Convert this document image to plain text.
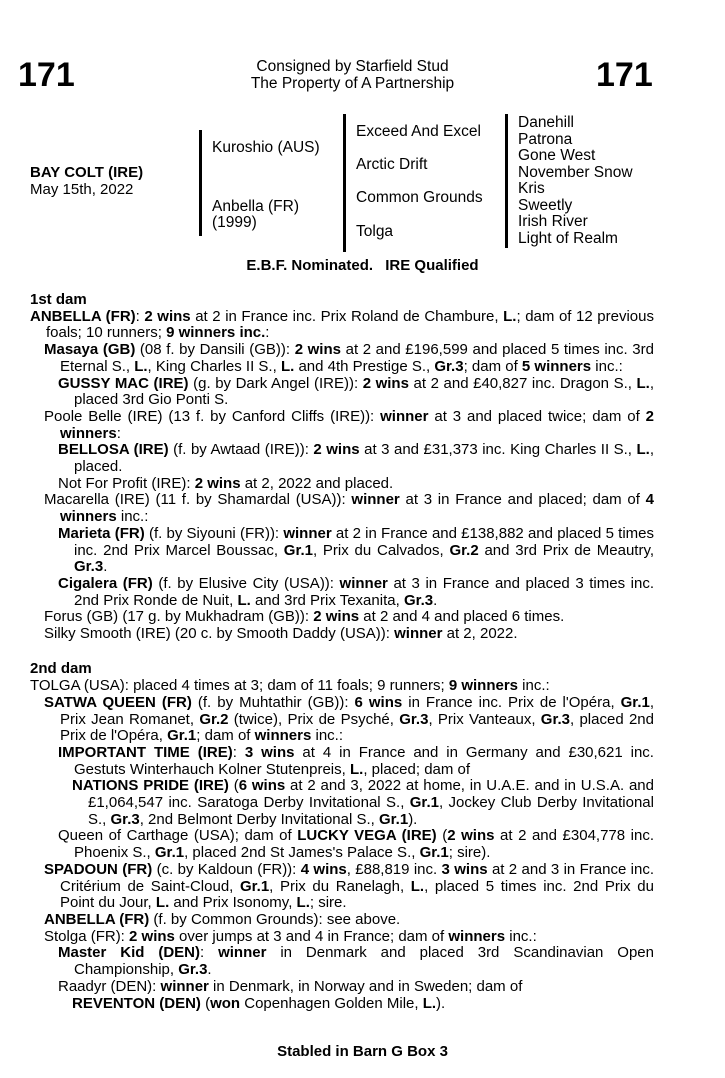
171	Consigned by Starfield Stud
The Property of A Partnership	171
BAY COLT (IRE)
May 15th, 2022
Kuroshio (AUS)
Anbella (FR)
(1999)
Exceed And Excel
Arctic Drift
Common Grounds
Tolga
Danehill
Patrona
Gone West
November Snow
Kris
Sweetly
Irish River
Light of Realm
E.B.F. Nominated. IRE Qualified

1st dam

ANBELLA (FR): 2 wins at 2 in France inc. Prix Roland de Chambure, L.; dam of 12 previous foals; 10 runners; 9 winners inc.:

Masaya (GB) (08 f. by Dansili (GB)): 2 wins at 2 and £196,599 and placed 5 times inc. 3rd Eternal S., L., King Charles II S., L. and 4th Prestige S., Gr.3; dam of 5 winners inc.:

GUSSY MAC (IRE) (g. by Dark Angel (IRE)): 2 wins at 2 and £40,827 inc. Dragon S., L., placed 3rd Gio Ponti S.

Poole Belle (IRE) (13 f. by Canford Cliffs (IRE)): winner at 3 and placed twice; dam of 2 winners:

BELLOSA (IRE) (f. by Awtaad (IRE)): 2 wins at 3 and £31,373 inc. King Charles II S., L., placed.

Not For Profit (IRE): 2 wins at 2, 2022 and placed.

Macarella (IRE) (11 f. by Shamardal (USA)): winner at 3 in France and placed; dam of 4 winners inc.:

Marieta (FR) (f. by Siyouni (FR)): winner at 2 in France and £138,882 and placed 5 times inc. 2nd Prix Marcel Boussac, Gr.1, Prix du Calvados, Gr.2 and 3rd Prix de Meautry, Gr.3.

Cigalera (FR) (f. by Elusive City (USA)): winner at 3 in France and placed 3 times inc. 2nd Prix Ronde de Nuit, L. and 3rd Prix Texanita, Gr.3.

Forus (GB) (17 g. by Mukhadram (GB)): 2 wins at 2 and 4 and placed 6 times.

Silky Smooth (IRE) (20 c. by Smooth Daddy (USA)): winner at 2, 2022.

2nd dam

TOLGA (USA): placed 4 times at 3; dam of 11 foals; 9 runners; 9 winners inc.:

SATWA QUEEN (FR) (f. by Muhtathir (GB)): 6 wins in France inc. Prix de l'Opéra, Gr.1, Prix Jean Romanet, Gr.2 (twice), Prix de Psyché, Gr.3, Prix Vanteaux, Gr.3, placed 2nd Prix de l'Opéra, Gr.1; dam of winners inc.:

IMPORTANT TIME (IRE): 3 wins at 4 in France and in Germany and £30,621 inc. Gestuts Winterhauch Kolner Stutenpreis, L., placed; dam of

NATIONS PRIDE (IRE) (6 wins at 2 and 3, 2022 at home, in U.A.E. and in U.S.A. and £1,064,547 inc. Saratoga Derby Invitational S., Gr.1, Jockey Club Derby Invitational S., Gr.3, 2nd Belmont Derby Invitational S., Gr.1).

Queen of Carthage (USA); dam of LUCKY VEGA (IRE) (2 wins at 2 and £304,778 inc. Phoenix S., Gr.1, placed 2nd St James's Palace S., Gr.1; sire).

SPADOUN (FR) (c. by Kaldoun (FR)): 4 wins, £88,819 inc. 3 wins at 2 and 3 in France inc. Critérium de Saint-Cloud, Gr.1, Prix du Ranelagh, L., placed 5 times inc. 2nd Prix du Point du Jour, L. and Prix Isonomy, L.; sire.

ANBELLA (FR) (f. by Common Grounds): see above.

Stolga (FR): 2 wins over jumps at 3 and 4 in France; dam of winners inc.:

Master Kid (DEN): winner in Denmark and placed 3rd Scandinavian Open Championship, Gr.3.

Raadyr (DEN): winner in Denmark, in Norway and in Sweden; dam of

REVENTON (DEN) (won Copenhagen Golden Mile, L.).

Stabled in Barn G Box 3
